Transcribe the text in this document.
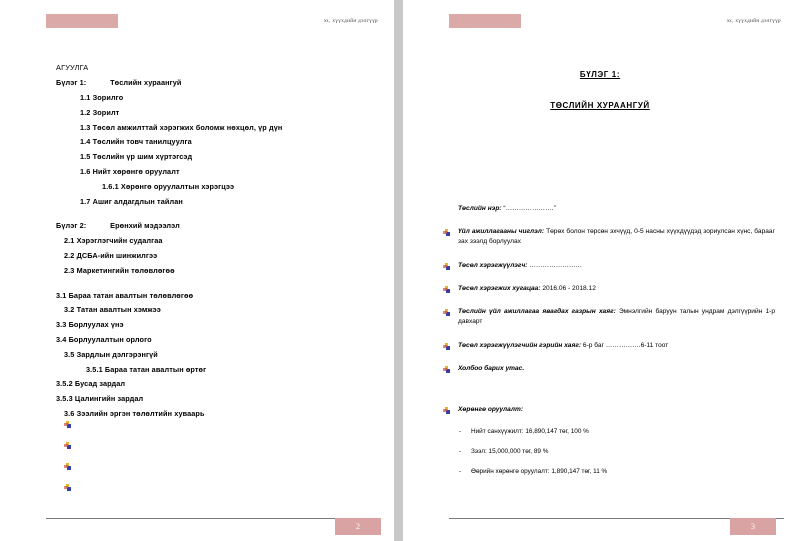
эх, хүүхдийн дэлгүүр
АГУУЛГА
Бүлэг 1:	Төслийн хураангуй
1.1 Зорилго
1.2 Зорилт
1.3 Төсөл амжилттай хэрэгжих боломж нөхцөл, үр дүн
1.4 Төслийн товч танилцуулга
1.5 Төслийн үр шим хүртэгсэд
1.6 Нийт хөрөнгө оруулалт
1.6.1 Хөрөнгө оруулалтын хэрэгцээ
1.7 Ашиг алдагдлын тайлан
Бүлэг 2:	Ерөнхий мэдээлэл
2.1 Хэрэглэгчийн судалгаа
2.2 ДСБА-ийн шинжилгээ
2.3 Маркетингийн төлөвлөгөө
3.1 Бараа татан авалтын төлөвлөгөө
3.2 Татан авалтын хэмжээ
3.3 Борлуулах үнэ
3.4 Борлуулалтын орлого
3.5 Зардлын дэлгэрэнгүй
3.5.1 Бараа татан авалтын өртөг
3.5.2 Бусад зардал
3.5.3 Цалингийн зардал
3.6 Зээлийн эргэн төлөлтийн хуваарь
2
эх, хүүхдийн дэлгүүр
БҮЛЭГ 1:
ТӨСЛИЙН ХУРААНГУЙ
Төслийн нэр: “………………….”
Үйл ажиллагааны чиглэл: Төрөх болон төрсөн эхчүүд, 0-5 насны хүүхдүүдэд зориулсан хүнс, барааг зах зээлд борлуулах
Төсөл хэрэгжүүлэгч: ……………………
Төсөл хэрэгжих хугацаа: 2016.06 - 2018.12
Төслийн үйл ажиллагаа явагдах газрын хаяг: Эмнэлгийн баруун талын ундрам дэлгүүрийн 1-р давхарт
Төсөл хэрэгжүүлэгчийн гэрийн хаяг: 6-р баг …………….6-11 тоот
Холбоо барих утас.
Хөрөнгө оруулалт:
- Нийт санхүүжилт: 16,890,147 төг, 100 %
- Зээл: 15,000,000 төг, 89 %
- Өөрийн хөрөнгө оруулалт: 1,890,147 төг, 11 %
3
